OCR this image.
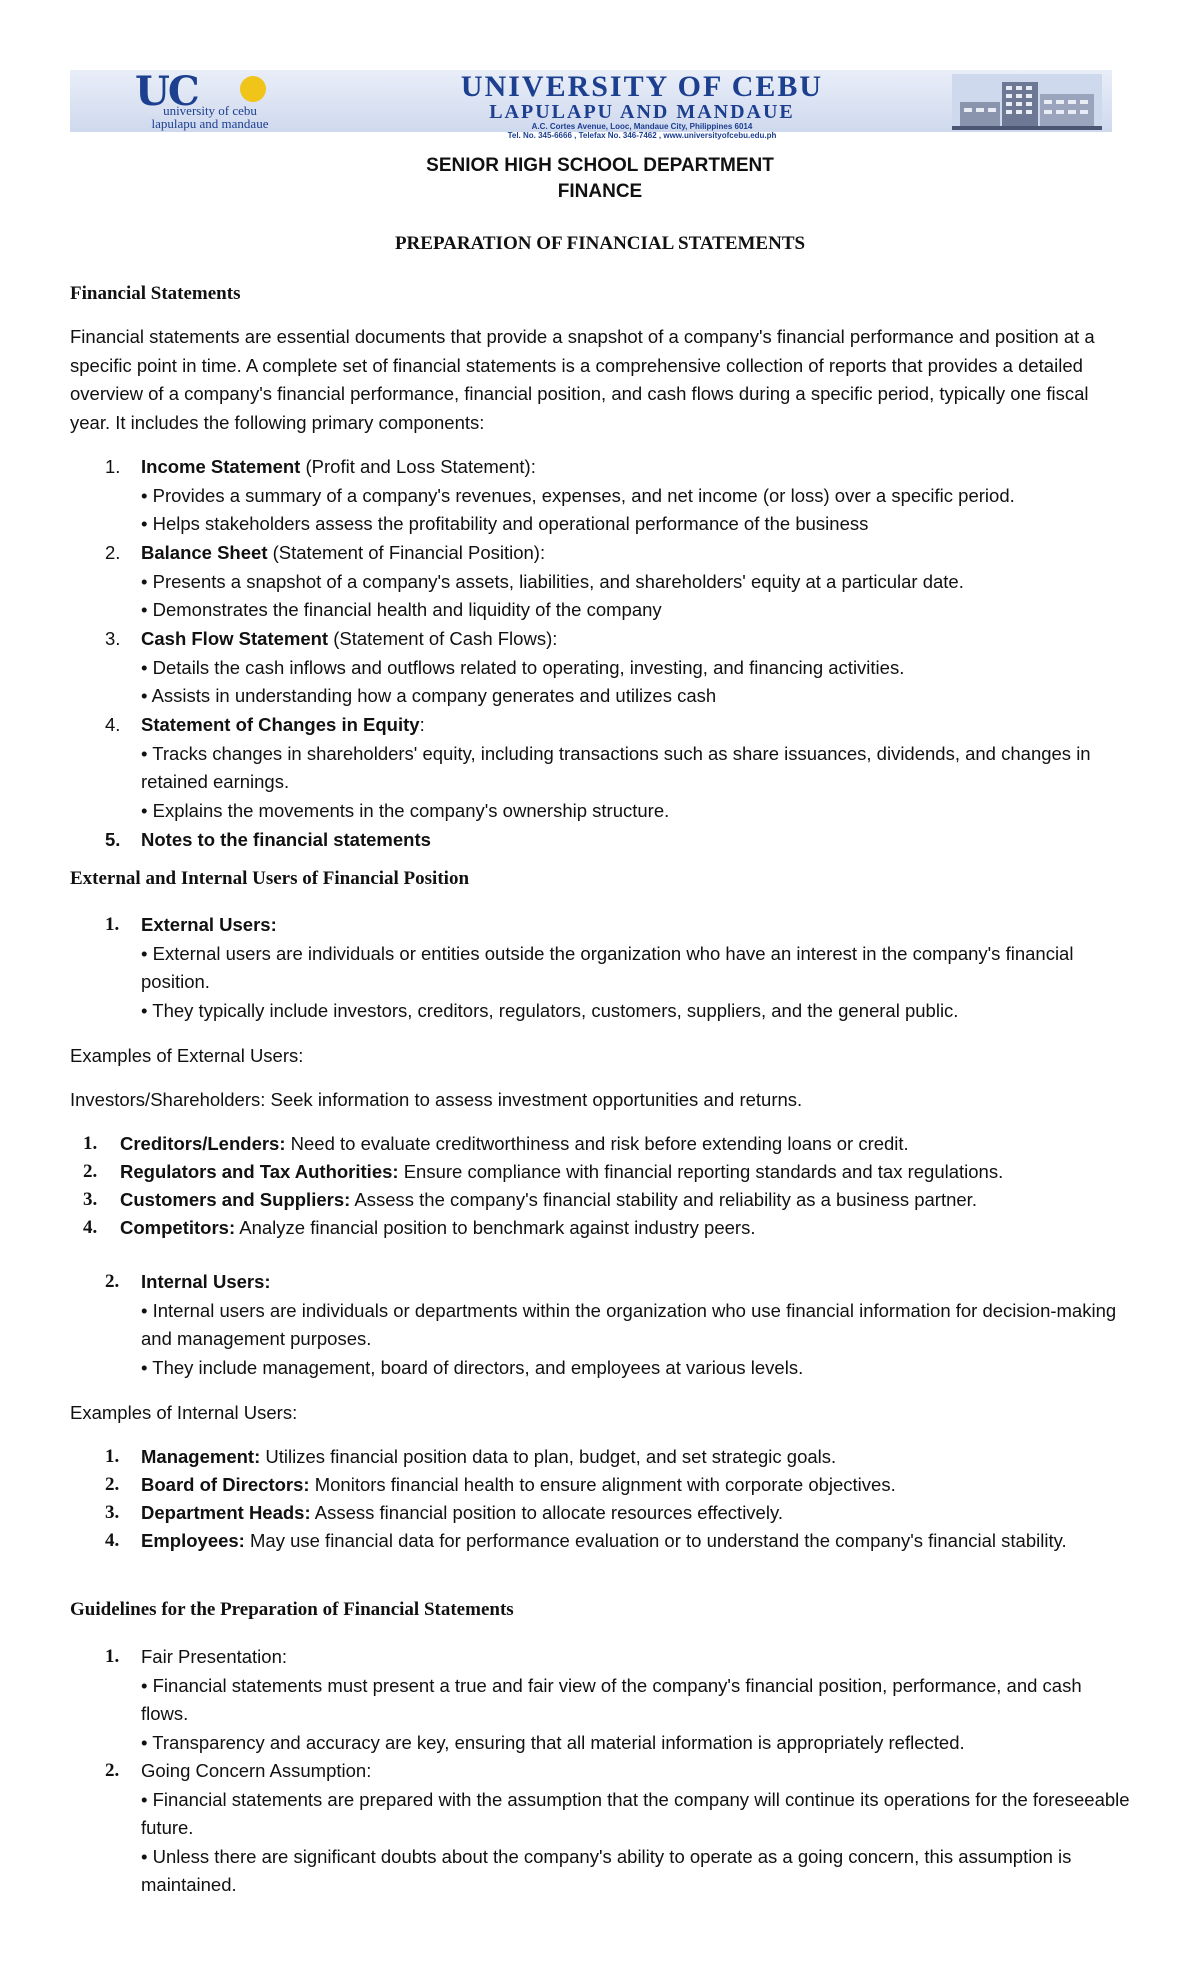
UC
university of cebu
lapulapu and mandaue
UNIVERSITY OF CEBU
LAPULAPU AND MANDAUE
A.C. Cortes Avenue, Looc, Mandaue City, Philippines 6014
Tel. No. 345-6666 , Telefax No. 346-7462 , www.universityofcebu.edu.ph
SENIOR HIGH SCHOOL DEPARTMENT
FINANCE
PREPARATION OF FINANCIAL STATEMENTS
Financial Statements
Financial statements are essential documents that provide a snapshot of a company's financial performance and position at a specific point in time. A complete set of financial statements is a comprehensive collection of reports that provides a detailed overview of a company's financial performance, financial position, and cash flows during a specific period, typically one fiscal year. It includes the following primary components:
1. Income Statement (Profit and Loss Statement):
• Provides a summary of a company's revenues, expenses, and net income (or loss) over a specific period.
• Helps stakeholders assess the profitability and operational performance of the business
2. Balance Sheet (Statement of Financial Position):
• Presents a snapshot of a company's assets, liabilities, and shareholders' equity at a particular date.
• Demonstrates the financial health and liquidity of the company
3. Cash Flow Statement (Statement of Cash Flows):
• Details the cash inflows and outflows related to operating, investing, and financing activities.
• Assists in understanding how a company generates and utilizes cash
4. Statement of Changes in Equity:
• Tracks changes in shareholders' equity, including transactions such as share issuances, dividends, and changes in retained earnings.
• Explains the movements in the company's ownership structure.
5. Notes to the financial statements
External and Internal Users of Financial Position
1. External Users:
• External users are individuals or entities outside the organization who have an interest in the company's financial position.
• They typically include investors, creditors, regulators, customers, suppliers, and the general public.
Examples of External Users:
Investors/Shareholders: Seek information to assess investment opportunities and returns.
1. Creditors/Lenders: Need to evaluate creditworthiness and risk before extending loans or credit.
2. Regulators and Tax Authorities: Ensure compliance with financial reporting standards and tax regulations.
3. Customers and Suppliers: Assess the company's financial stability and reliability as a business partner.
4. Competitors: Analyze financial position to benchmark against industry peers.
2. Internal Users:
• Internal users are individuals or departments within the organization who use financial information for decision-making and management purposes.
• They include management, board of directors, and employees at various levels.
Examples of Internal Users:
1. Management: Utilizes financial position data to plan, budget, and set strategic goals.
2. Board of Directors: Monitors financial health to ensure alignment with corporate objectives.
3. Department Heads: Assess financial position to allocate resources effectively.
4. Employees: May use financial data for performance evaluation or to understand the company's financial stability.
Guidelines for the Preparation of Financial Statements
1. Fair Presentation:
• Financial statements must present a true and fair view of the company's financial position, performance, and cash flows.
• Transparency and accuracy are key, ensuring that all material information is appropriately reflected.
2. Going Concern Assumption:
• Financial statements are prepared with the assumption that the company will continue its operations for the foreseeable future.
• Unless there are significant doubts about the company's ability to operate as a going concern, this assumption is maintained.
